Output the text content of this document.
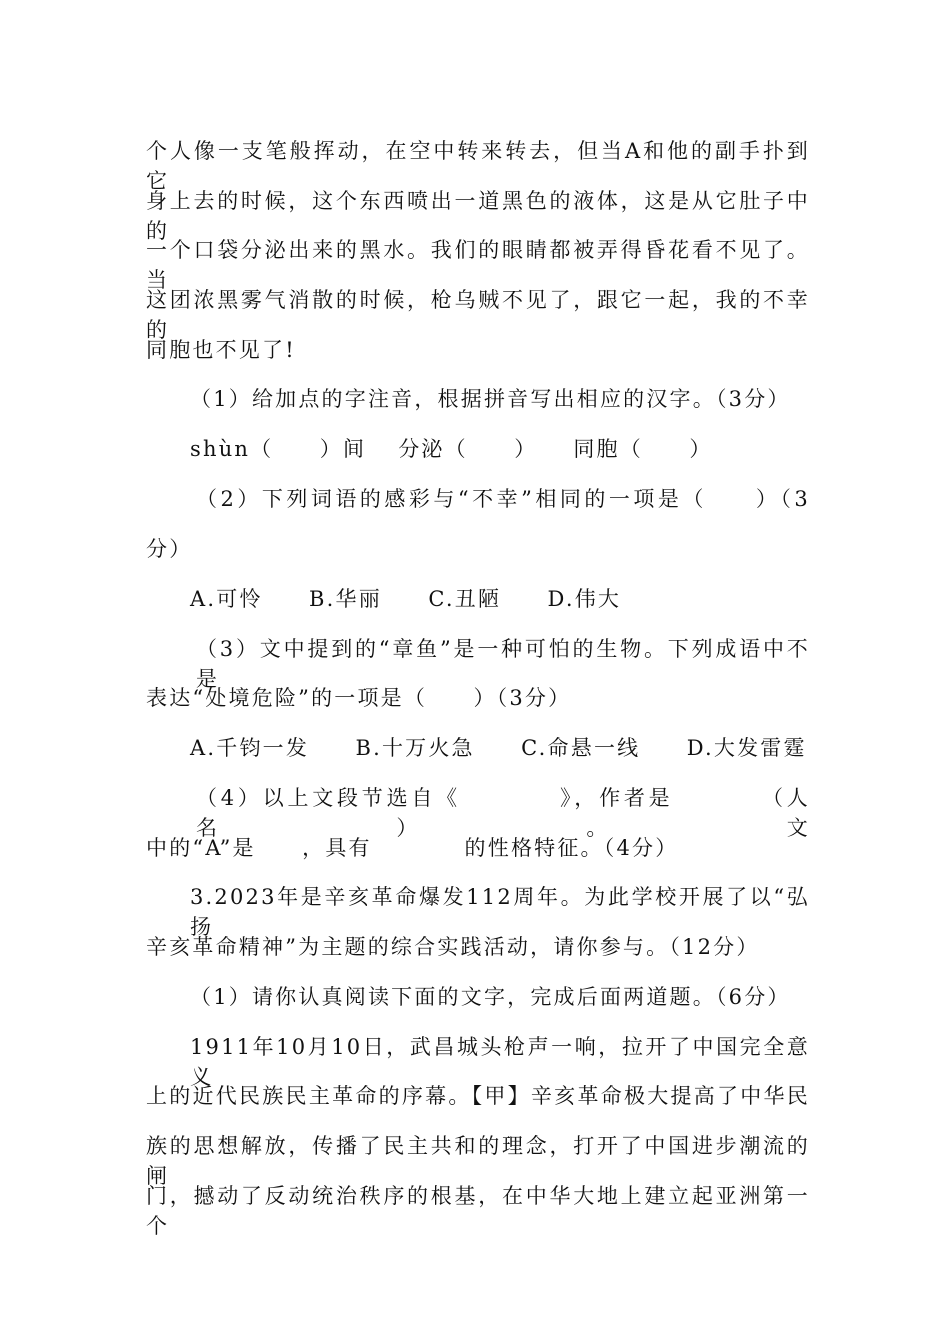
个人像一支笔般挥动，在空中转来转去，但当A和他的副手扑到它
身上去的时候，这个东西喷出一道黑色的液体，这是从它肚子中的
一个口袋分泌出来的黑水。我们的眼睛都被弄得昏花看不见了。当
这团浓黑雾气消散的时候，枪乌贼不见了，跟它一起，我的不幸的
同胞也不见了!
（1）给加点的字注音，根据拼音写出相应的汉字。（3分）
shùn（　　）间　 分泌（　　）　　同胞（　　）
（2）下列词语的感彩与“不幸”相同的一项是（　　）（3
分）
A.可怜　　B.华丽　　C.丑陋　　D.伟大
（3）文中提到的“章鱼”是一种可怕的生物。下列成语中不是
表达“处境危险”的一项是（　　）（3分）
A.千钧一发　　B.十万火急　　C.命悬一线　　D.大发雷霆
（4）以上文段节选自《　　　　》，作者是　　　　（人名）。文
中的“A”是　　，具有　　　　的性格特征。（4分）
3.2023年是辛亥革命爆发112周年。为此学校开展了以“弘扬
辛亥革命精神”为主题的综合实践活动，请你参与。（12分）
（1）请你认真阅读下面的文字，完成后面两道题。（6分）
1911年10月10日，武昌城头枪声一响，拉开了中国完全意义
上的近代民族民主革命的序幕。【甲】辛亥革命极大提高了中华民
族的思想解放，传播了民主共和的理念，打开了中国进步潮流的闸
门，撼动了反动统治秩序的根基，在中华大地上建立起亚洲第一个
